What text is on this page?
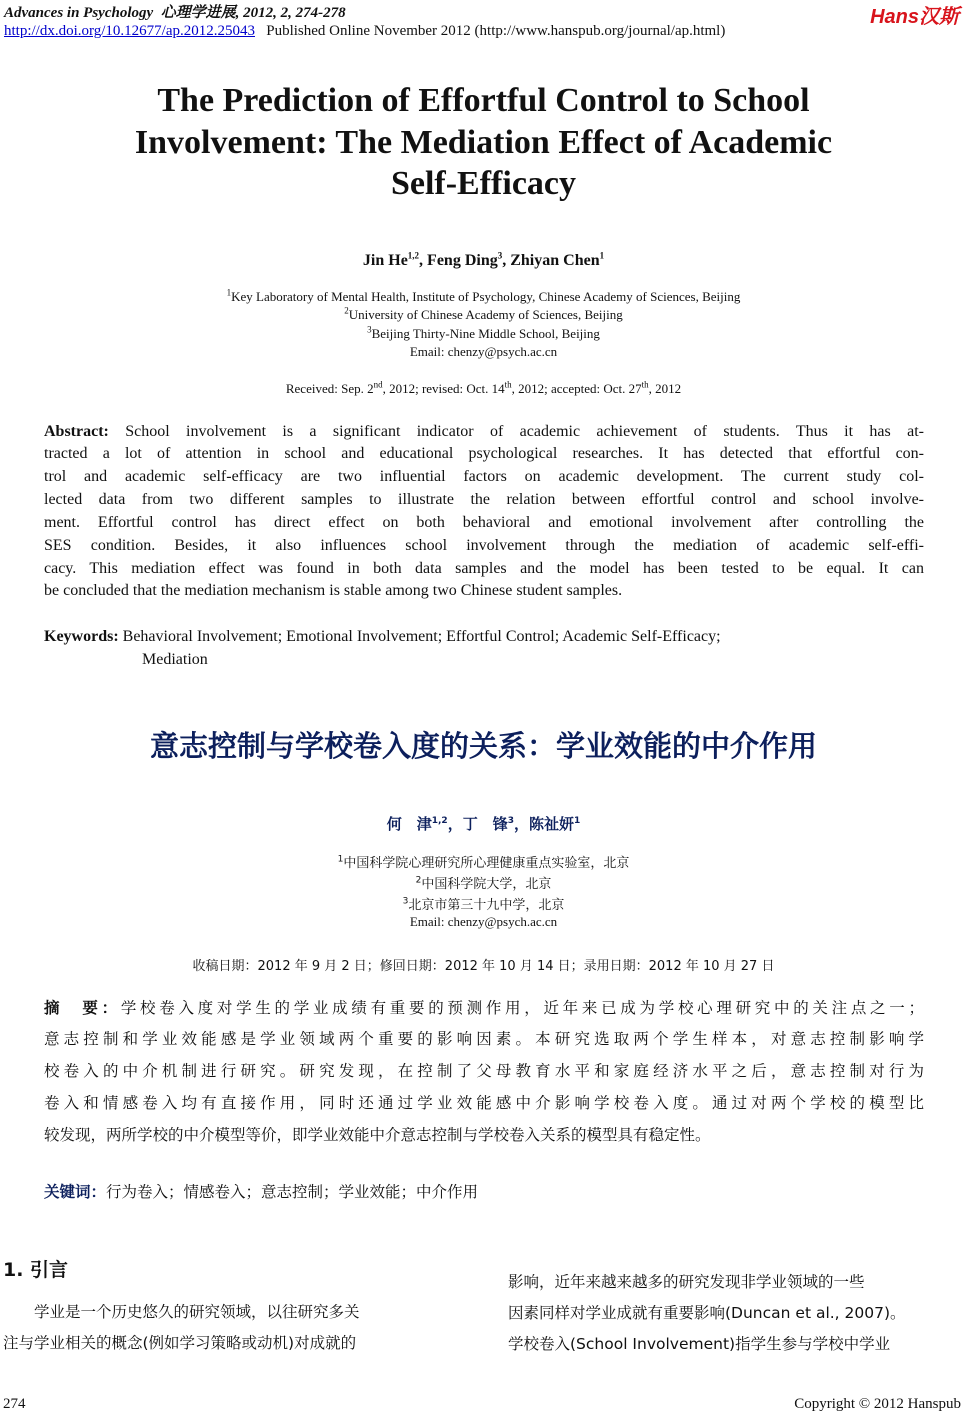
Advances in Psychology 心理学进展, 2012, 2, 274-278
http://dx.doi.org/10.12677/ap.2012.25043 Published Online November 2012 (http://www.hanspub.org/journal/ap.html)
Hans汉斯
The Prediction of Effortful Control to School
Involvement: The Mediation Effect of Academic
Self-Efficacy
Jin He$^{1,2}$, Feng Ding$^3$, Zhiyan Chen$^1$
$^1$Key Laboratory of Mental Health, Institute of Psychology, Chinese Academy of Sciences, Beijing
$^2$University of Chinese Academy of Sciences, Beijing
$^3$Beijing Thirty-Nine Middle School, Beijing
Email: chenzy@psych.ac.cn
Received: Sep. 2nd, 2012; revised: Oct. 14th, 2012; accepted: Oct. 27th, 2012
Abstract: School involvement is a significant indicator of academic achievement of students. Thus it has at-
tracted a lot of attention in school and educational psychological researches. It has detected that effortful con-
trol and academic self-efficacy are two influential factors on academic development. The current study col-
lected data from two different samples to illustrate the relation between effortful control and school involve-
ment. Effortful control has direct effect on both behavioral and emotional involvement after controlling the
SES condition. Besides, it also influences school involvement through the mediation of academic self-effi-
cacy. This mediation effect was found in both data samples and the model has been tested to be equal. It can
be concluded that the mediation mechanism is stable among two Chinese student samples.
Keywords: Behavioral Involvement; Emotional Involvement; Effortful Control; Academic Self-Efficacy;
Mediation
意志控制与学校卷入度的关系：学业效能的中介作用
何　津$^{1,2}$，丁　锋$^3$，陈祉妍$^1$
$^1$中国科学院心理研究所心理健康重点实验室，北京
$^2$中国科学院大学，北京
$^3$北京市第三十九中学，北京
Email: chenzy@psych.ac.cn
收稿日期：2012 年 9 月 2 日；修回日期：2012 年 10 月 14 日；录用日期：2012 年 10 月 27 日
摘　要：学校卷入度对学生的学业成绩有重要的预测作用，近年来已成为学校心理研究中的关注点之一；
意志控制和学业效能感是学业领域两个重要的影响因素。本研究选取两个学生样本，对意志控制影响学
校卷入的中介机制进行研究。研究发现，在控制了父母教育水平和家庭经济水平之后，意志控制对行为
卷入和情感卷入均有直接作用，同时还通过学业效能感中介影响学校卷入度。通过对两个学校的模型比
较发现，两所学校的中介模型等价，即学业效能中介意志控制与学校卷入关系的模型具有稳定性。
关键词：行为卷入；情感卷入；意志控制；学业效能；中介作用
1. 引言
　　学业是一个历史悠久的研究领域，以往研究多关
注与学业相关的概念(例如学习策略或动机)对成就的
影响，近年来越来越多的研究发现非学业领域的一些
因素同样对学业成就有重要影响(Duncan et al., 2007)。
学校卷入(School Involvement)指学生参与学校中学业
274	Copyright © 2012 Hanspub
